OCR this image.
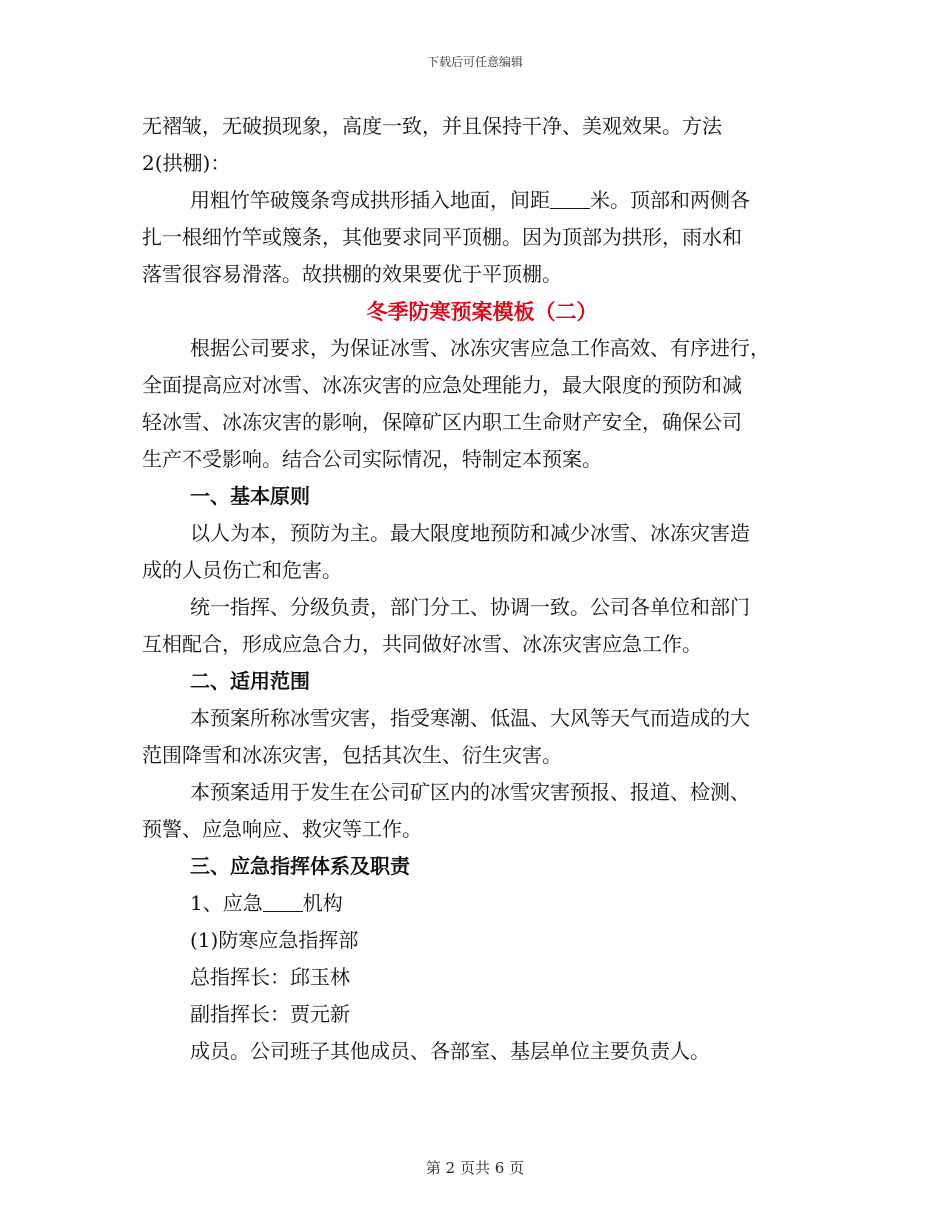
下载后可任意编辑
无褶皱，无破损现象，高度一致，并且保持干净、美观效果。方法
2(拱棚)：
用粗竹竿破篾条弯成拱形插入地面，间距 米。顶部和两侧各
扎一根细竹竿或篾条，其他要求同平顶棚。因为顶部为拱形，雨水和
落雪很容易滑落。故拱棚的效果要优于平顶棚。
冬季防寒预案模板（二）
根据公司要求，为保证冰雪、冰冻灾害应急工作高效、有序进行，
全面提高应对冰雪、冰冻灾害的应急处理能力，最大限度的预防和减
轻冰雪、冰冻灾害的影响，保障矿区内职工生命财产安全，确保公司
生产不受影响。结合公司实际情况，特制定本预案。
一、基本原则
以人为本，预防为主。最大限度地预防和减少冰雪、冰冻灾害造
成的人员伤亡和危害。
统一指挥、分级负责，部门分工、协调一致。公司各单位和部门
互相配合，形成应急合力，共同做好冰雪、冰冻灾害应急工作。
二、适用范围
本预案所称冰雪灾害，指受寒潮、低温、大风等天气而造成的大
范围降雪和冰冻灾害，包括其次生、衍生灾害。
本预案适用于发生在公司矿区内的冰雪灾害预报、报道、检测、
预警、应急响应、救灾等工作。
三、应急指挥体系及职责
1、应急 机构
(1)防寒应急指挥部
总指挥长：邱玉林
副指挥长：贾元新
成员。公司班子其他成员、各部室、基层单位主要负责人。
第 2 页共 6 页
